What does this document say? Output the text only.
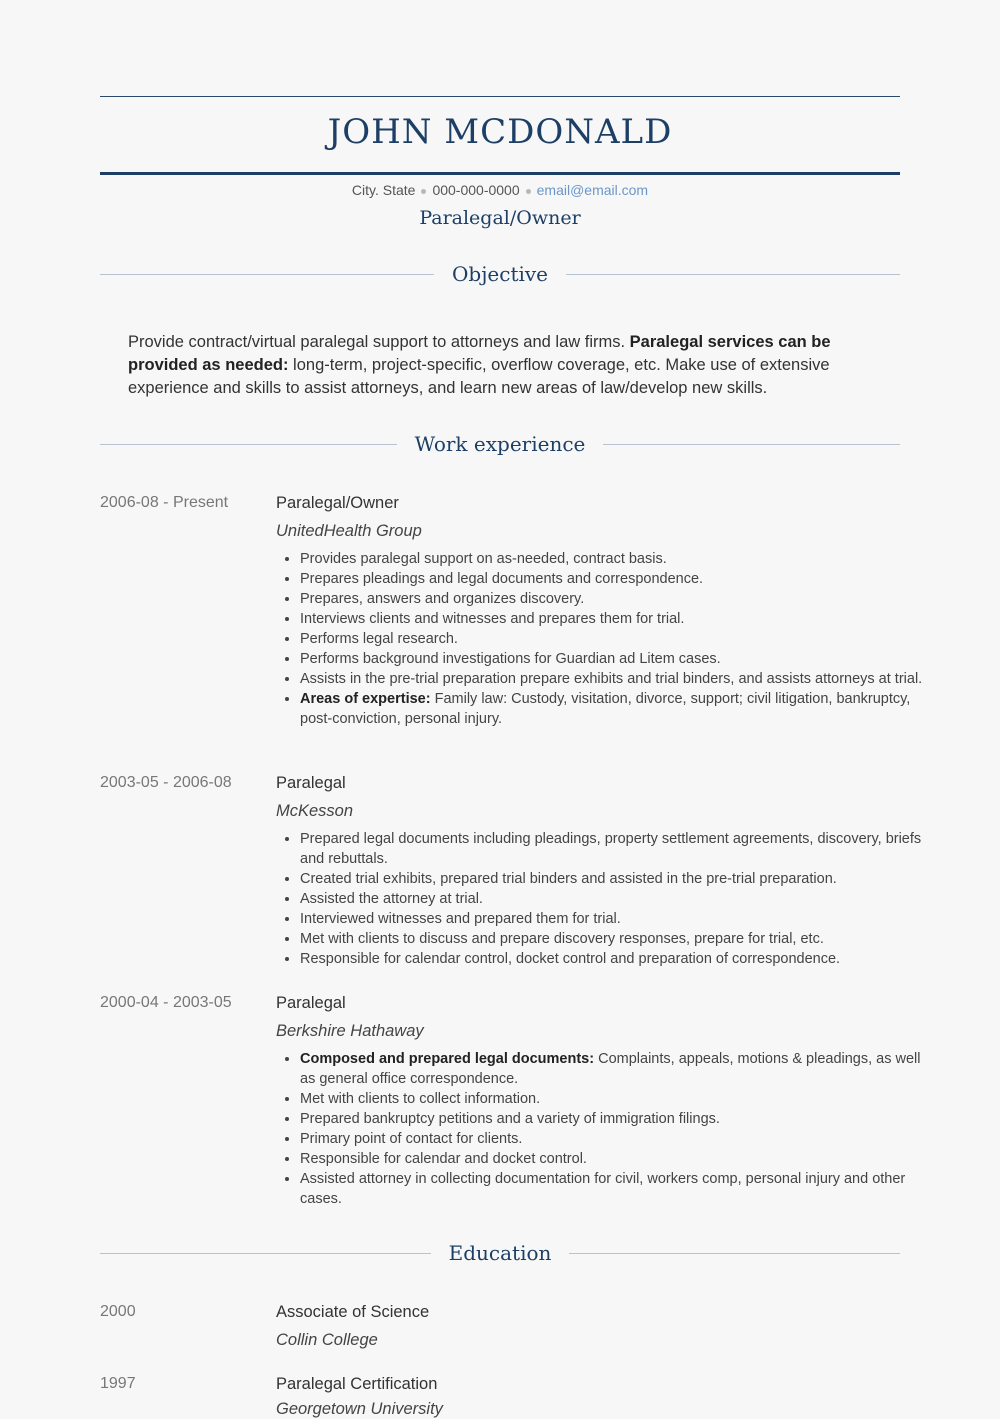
JOHN MCDONALD
City. State 000-000-0000 email@email.com
Paralegal/Owner
Objective

Provide contract/virtual paralegal support to attorneys and law firms. Paralegal services can be provided as needed: long-term, project-specific, overflow coverage, etc. Make use of extensive experience and skills to assist attorneys, and learn new areas of law/develop new skills.

Work experience
2006-08 - Present	Paralegal/Owner
UnitedHealth Group
• Provides paralegal support on as-needed, contract basis.
• Prepares pleadings and legal documents and correspondence.
• Prepares, answers and organizes discovery.
• Interviews clients and witnesses and prepares them for trial.
• Performs legal research.
• Performs background investigations for Guardian ad Litem cases.
• Assists in the pre-trial preparation prepare exhibits and trial binders, and assists attorneys at trial.
• Areas of expertise: Family law: Custody, visitation, divorce, support; civil litigation, bankruptcy, post-conviction, personal injury.
2003-05 - 2006-08	Paralegal
McKesson
• Prepared legal documents including pleadings, property settlement agreements, discovery, briefs and rebuttals.
• Created trial exhibits, prepared trial binders and assisted in the pre-trial preparation.
• Assisted the attorney at trial.
• Interviewed witnesses and prepared them for trial.
• Met with clients to discuss and prepare discovery responses, prepare for trial, etc.
• Responsible for calendar control, docket control and preparation of correspondence.
2000-04 - 2003-05	Paralegal
Berkshire Hathaway
• Composed and prepared legal documents: Complaints, appeals, motions & pleadings, as well as general office correspondence.
• Met with clients to collect information.
• Prepared bankruptcy petitions and a variety of immigration filings.
• Primary point of contact for clients.
• Responsible for calendar and docket control.
• Assisted attorney in collecting documentation for civil, workers comp, personal injury and other cases.
Education
2000	Associate of Science
Collin College
1997	Paralegal Certification
Georgetown University
